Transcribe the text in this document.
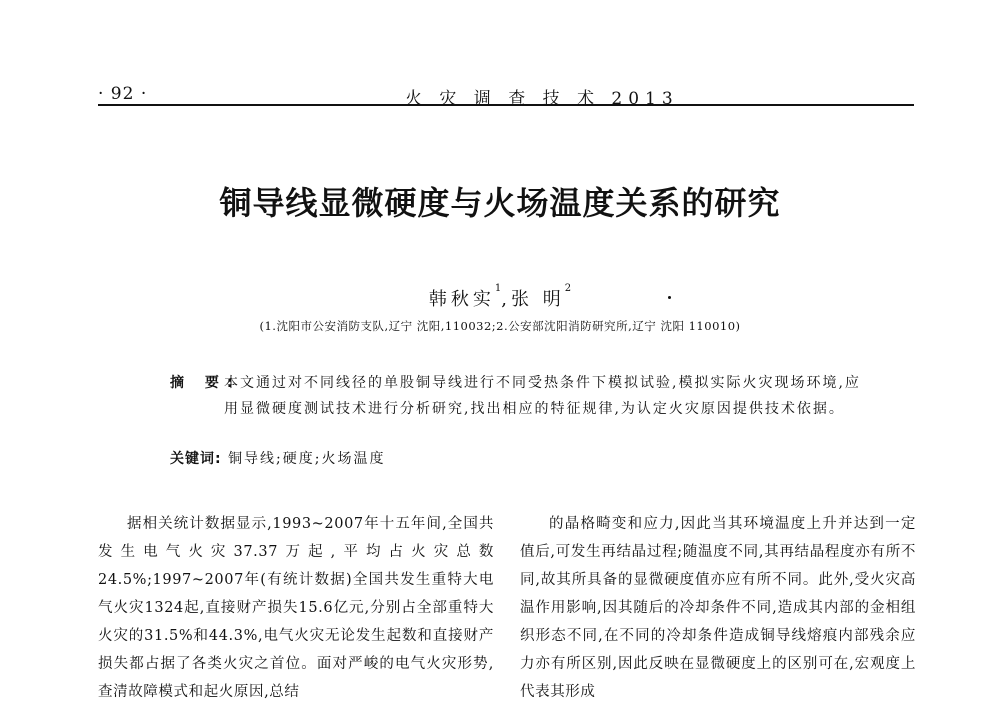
· 92 ·	火 灾 调 查 技 术 2013
铜导线显微硬度与火场温度关系的研究
韩秋实$^1$,张 明$^2$
(1.沈阳市公安消防支队,辽宁 沈阳,110032;2.公安部沈阳消防研究所,辽宁 沈阳 110010)
摘 要:
本文通过对不同线径的单股铜导线进行不同受热条件下模拟试验,模拟实际火灾现场环境,应用显微硬度测试技术进行分析研究,找出相应的特征规律,为认定火灾原因提供技术依据。
关键词: 铜导线;硬度;火场温度

据相关统计数据显示,1993~2007年十五年间,全国共发生电气火灾37.37万起,平均占火灾总数24.5%;1997~2007年(有统计数据)全国共发生重特大电气火灾1324起,直接财产损失15.6亿元,分别占全部重特大火灾的31.5%和44.3%,电气火灾无论发生起数和直接财产损失都占据了各类火灾之首位。面对严峻的电气火灾形势,查清故障模式和起火原因,总结

的晶格畸变和应力,因此当其环境温度上升并达到一定值后,可发生再结晶过程;随温度不同,其再结晶程度亦有所不同,故其所具备的显微硬度值亦应有所不同。此外,受火灾高温作用影响,因其随后的冷却条件不同,造成其内部的金相组织形态不同,在不同的冷却条件造成铜导线熔痕内部残余应力亦有所区别,因此反映在显微硬度上的区别可在,宏观度上代表其形成
